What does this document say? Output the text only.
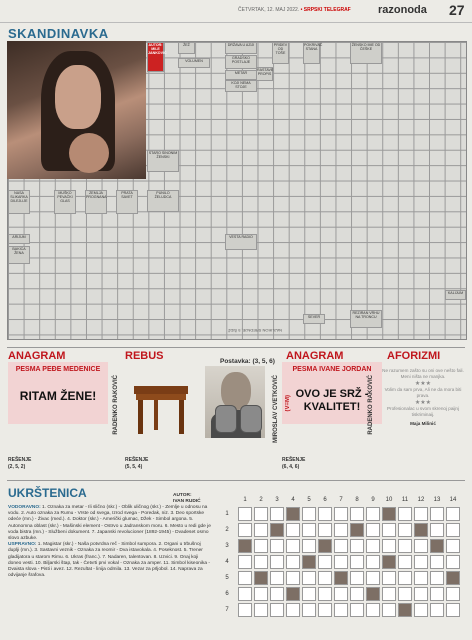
ČETVRTAK, 12. MAJ 2022. • SRPSKI TELEGRAF razonoda 27
SKANDINAVKA
AUTOR: MILE JANKOVIĆ
ŽEŽ	DRŽAVA U AZIJI	PRIDEV OD TOŠE
POKRIVAČ STANA
ŽENSKO IME OD ČEŠKE
VOLUMEN
GRADSKO POSTLAJE
RASTAVE PROPIS
METAR
KOJI NEMA STOJE
STARO SINONIM ŽENSKI
PUNILO ŽELUDCA
NASA SLIKARKA DILEJLIJE
MUŠKO PEVAČKI GLAS
ZEMLJA PROGNANA
PRATA SAVET
ARIJUM
BAKICA ŽENA
VESTA RADIO
KALIJUM
SEVER
REZIRAN VRHU NA TRONCU
NAJLIKON SREDNJE, 5 ŠIDŽ
ANAGRAM
PESMA PEĐE MEDENICE
RITAM ŽENE!
REŠENJE
(2, 5, 2)
RADENKO RAKOVIĆ
REBUS	Postavka: (3, 5, 6)
REŠENJE
(5, 5, 4)
MIROSLAV CVETKOVIĆ
ANAGRAM
PESMA IVANE JORDAN
OVO JE SRŽ - KVALITET!
REŠENJE
(6, 4, 6)
(V=M)	RADENKO RAKOVIĆ
AFORIZMI
Ne razumem zašto su oni ove nešto fali. Meni ništa ne manjka.
★★★
Volim da sam prva, Ali ne da mora biti prava.
★★★
Profesionalac u svom skrenoj paijnj tiskriminaij.
Maja Milinić
UKRŠTENICA	AUTOR:
IVAN RUDIĆ
VODORAVNO: 1. Oznaka za metar - Ili slično (skr.) - Oblik uličnog (skr.) - Zemlje u odnosu na vodu. 2. Auto oznaka za Rumu - Vrste od svega, Izrod svega - Poredak, niz. 3. Deo sportske odeće (mn.) - Živac (med.). 4. Doktor (skr.) - Američki glumac, Džek - Simbol argona. 5. Autonomna oblast (skr.) - Mašinski element - Ostrvo u Jadranskom moru. 6. Mesto u redi gde je voda bistra (mn.) - Službeni dokument. 7. Japanski revolucioner (1892-1945) - Dvadeset osmo slovo azbuke.
USPRAVNO: 1. Magistar (skr.) - Naša potvrdna reč - Simbol sumpora. 2. Organi u trbušnoj duplji (mn.). 3. Sastavni veznik - Oznaka za reomir - Dva istavokala. 4. Poseknost. 5. Trener gladijatora u starom Rimu. 6. Ukras (franc.). 7. Nadaren, talentovan. 8. Uzvici. 9. Onaj koji doneo vesti. 10. Biljarski štap, tak - Četvrti prvi vokal - Oznaka za amper. 11. Simbol kiseonika - Dvaista slova - Pisti i avez. 12. Rezultat - linija odmila. 13. Vezar za prljobol. 14. Naprava za odvijanje šrafova.
1	2	3	4	5	6	7	8	9	10	11	12	13	14
1
2
3
4
5
6
7
